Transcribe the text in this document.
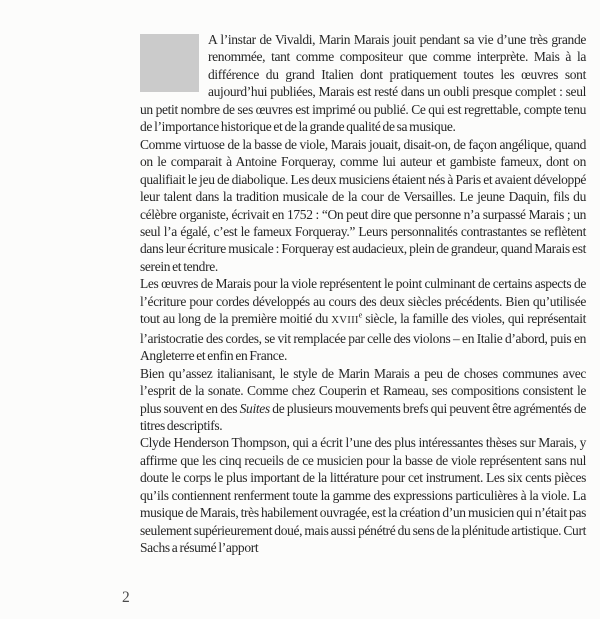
A l’instar de Vivaldi, Marin Marais jouit pendant sa vie d’une très grande renommée, tant comme compositeur que comme interprète. Mais à la différence du grand Italien dont pratiquement toutes les œuvres sont aujourd’hui publiées, Marais est resté dans un oubli presque complet : seul un petit nombre de ses œuvres est imprimé ou publié. Ce qui est regrettable, compte tenu de l’importance historique et de la grande qualité de sa musique.

Comme virtuose de la basse de viole, Marais jouait, disait-on, de façon angélique, quand on le comparait à Antoine Forqueray, comme lui auteur et gambiste fameux, dont on qualifiait le jeu de diabolique. Les deux musiciens étaient nés à Paris et avaient développé leur talent dans la tradition musicale de la cour de Versailles. Le jeune Daquin, fils du célèbre organiste, écrivait en 1752 : “On peut dire que personne n’a surpassé Marais ; un seul l’a égalé, c’est le fameux Forqueray.” Leurs personnalités contrastantes se reflètent dans leur écriture musicale : Forqueray est audacieux, plein de grandeur, quand Marais est serein et tendre.

Les œuvres de Marais pour la viole représentent le point culminant de certains aspects de l’écriture pour cordes développés au cours des deux siècles précédents. Bien qu’utilisée tout au long de la première moitié du XVIIIe siècle, la famille des violes, qui représentait l’aristocratie des cordes, se vit remplacée par celle des violons – en Italie d’abord, puis en Angleterre et enfin en France.

Bien qu’assez italianisant, le style de Marin Marais a peu de choses communes avec l’esprit de la sonate. Comme chez Couperin et Rameau, ses compositions consistent le plus souvent en des Suites de plusieurs mouvements brefs qui peuvent être agrémentés de titres descriptifs.

Clyde Henderson Thompson, qui a écrit l’une des plus intéressantes thèses sur Marais, y affirme que les cinq recueils de ce musicien pour la basse de viole représentent sans nul doute le corps le plus important de la littérature pour cet instrument. Les six cents pièces qu’ils contiennent renferment toute la gamme des expressions particulières à la viole. La musique de Marais, très habilement ouvragée, est la création d’un musicien qui n’était pas seulement supérieurement doué, mais aussi pénétré du sens de la plénitude artistique. Curt Sachs a résumé l’apport

2
